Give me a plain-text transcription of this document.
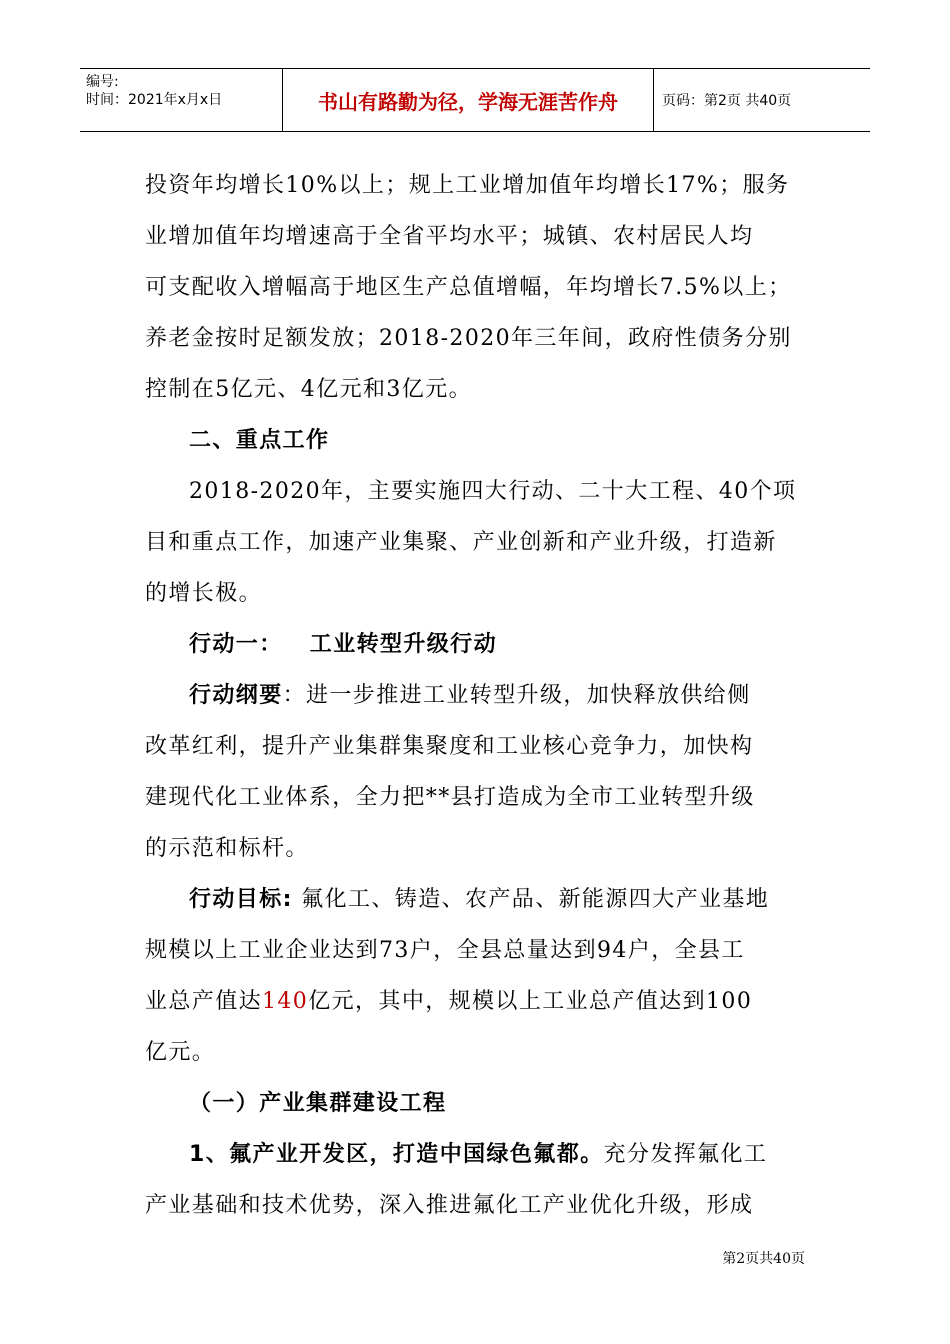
编号:
时间：2021年x月x日	书山有路勤为径，学海无涯苦作舟	页码：第2页 共40页
投资年均增长10%以上；规上工业增加值年均增长17%；服务
业增加值年均增速高于全省平均水平；城镇、农村居民人均
可支配收入增幅高于地区生产总值增幅，年均增长7.5%以上；
养老金按时足额发放；2018-2020年三年间，政府性债务分别
控制在5亿元、4亿元和3亿元。
二、重点工作
2018-2020年，主要实施四大行动、二十大工程、40个项
目和重点工作，加速产业集聚、产业创新和产业升级，打造新
的增长极。
行动一：   工业转型升级行动
行动纲要：进一步推进工业转型升级，加快释放供给侧
改革红利，提升产业集群集聚度和工业核心竞争力，加快构
建现代化工业体系，全力把**县打造成为全市工业转型升级
的示范和标杆。
行动目标: 氟化工、铸造、农产品、新能源四大产业基地
规模以上工业企业达到73户，全县总量达到94户，全县工
业总产值达140亿元，其中，规模以上工业总产值达到100
亿元。
（一）产业集群建设工程
1、氟产业开发区，打造中国绿色氟都。充分发挥氟化工
产业基础和技术优势，深入推进氟化工产业优化升级，形成
第2页共40页
